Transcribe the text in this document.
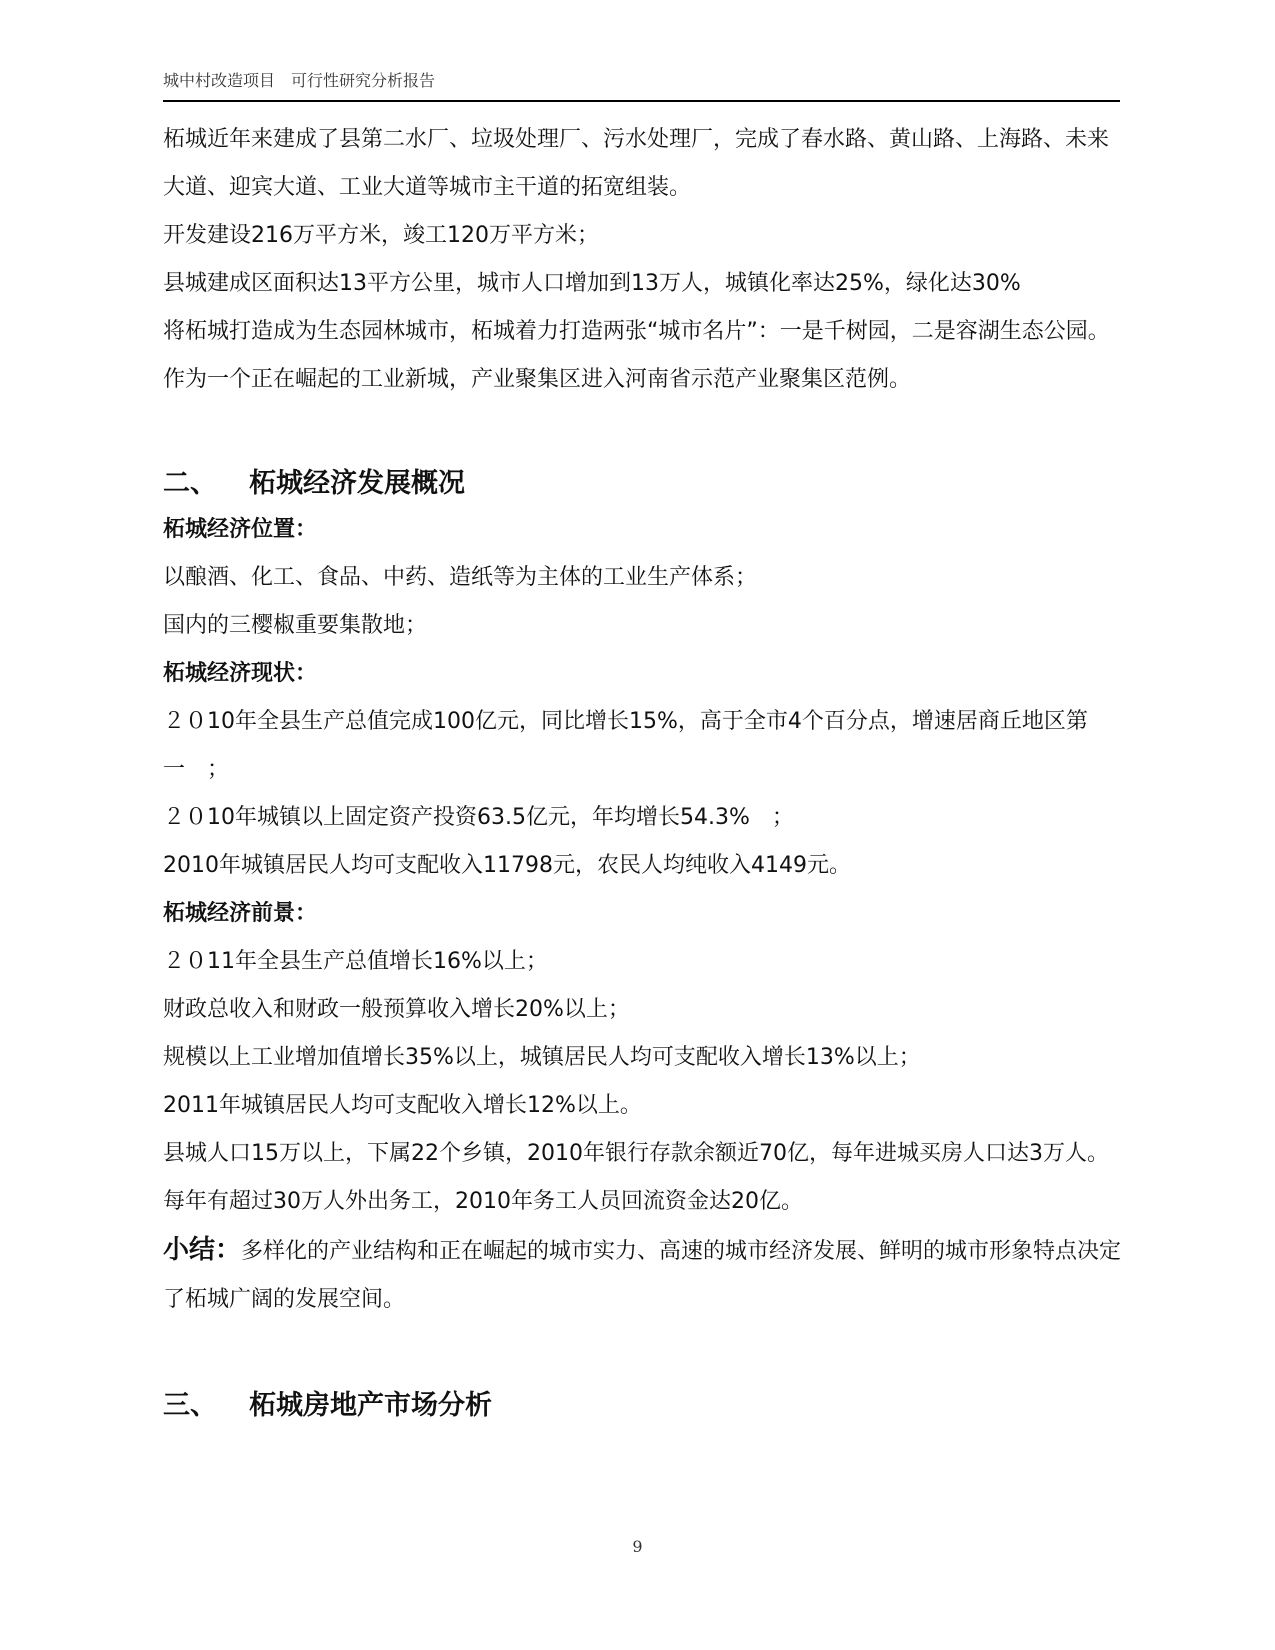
城中村改造项目 可行性研究分析报告

柘城近年来建成了县第二水厂、垃圾处理厂、污水处理厂，完成了春水路、黄山路、上海路、未来大道、迎宾大道、工业大道等城市主干道的拓宽组装。

开发建设216万平方米，竣工120万平方米；

县城建成区面积达13平方公里，城市人口增加到13万人，城镇化率达25%，绿化达30%

将柘城打造成为生态园林城市，柘城着力打造两张“城市名片”：一是千树园，二是容湖生态公园。

作为一个正在崛起的工业新城，产业聚集区进入河南省示范产业聚集区范例。

二、 柘城经济发展概况

柘城经济位置：

以酿酒、化工、食品、中药、造纸等为主体的工业生产体系；

国内的三樱椒重要集散地；

柘城经济现状：

２０10年全县生产总值完成100亿元，同比增长15%，高于全市4个百分点，增速居商丘地区第一　；

２０10年城镇以上固定资产投资63.5亿元，年均增长54.3%　；

2010年城镇居民人均可支配收入11798元，农民人均纯收入4149元。

柘城经济前景：

２０11年全县生产总值增长16%以上；

财政总收入和财政一般预算收入增长20%以上；

规模以上工业增加值增长35%以上，城镇居民人均可支配收入增长13%以上；

2011年城镇居民人均可支配收入增长12%以上。

县城人口15万以上，下属22个乡镇，2010年银行存款余额近70亿，每年进城买房人口达3万人。每年有超过30万人外出务工，2010年务工人员回流资金达20亿。

小结：多样化的产业结构和正在崛起的城市实力、高速的城市经济发展、鲜明的城市形象特点决定了柘城广阔的发展空间。

三、 柘城房地产市场分析
9
